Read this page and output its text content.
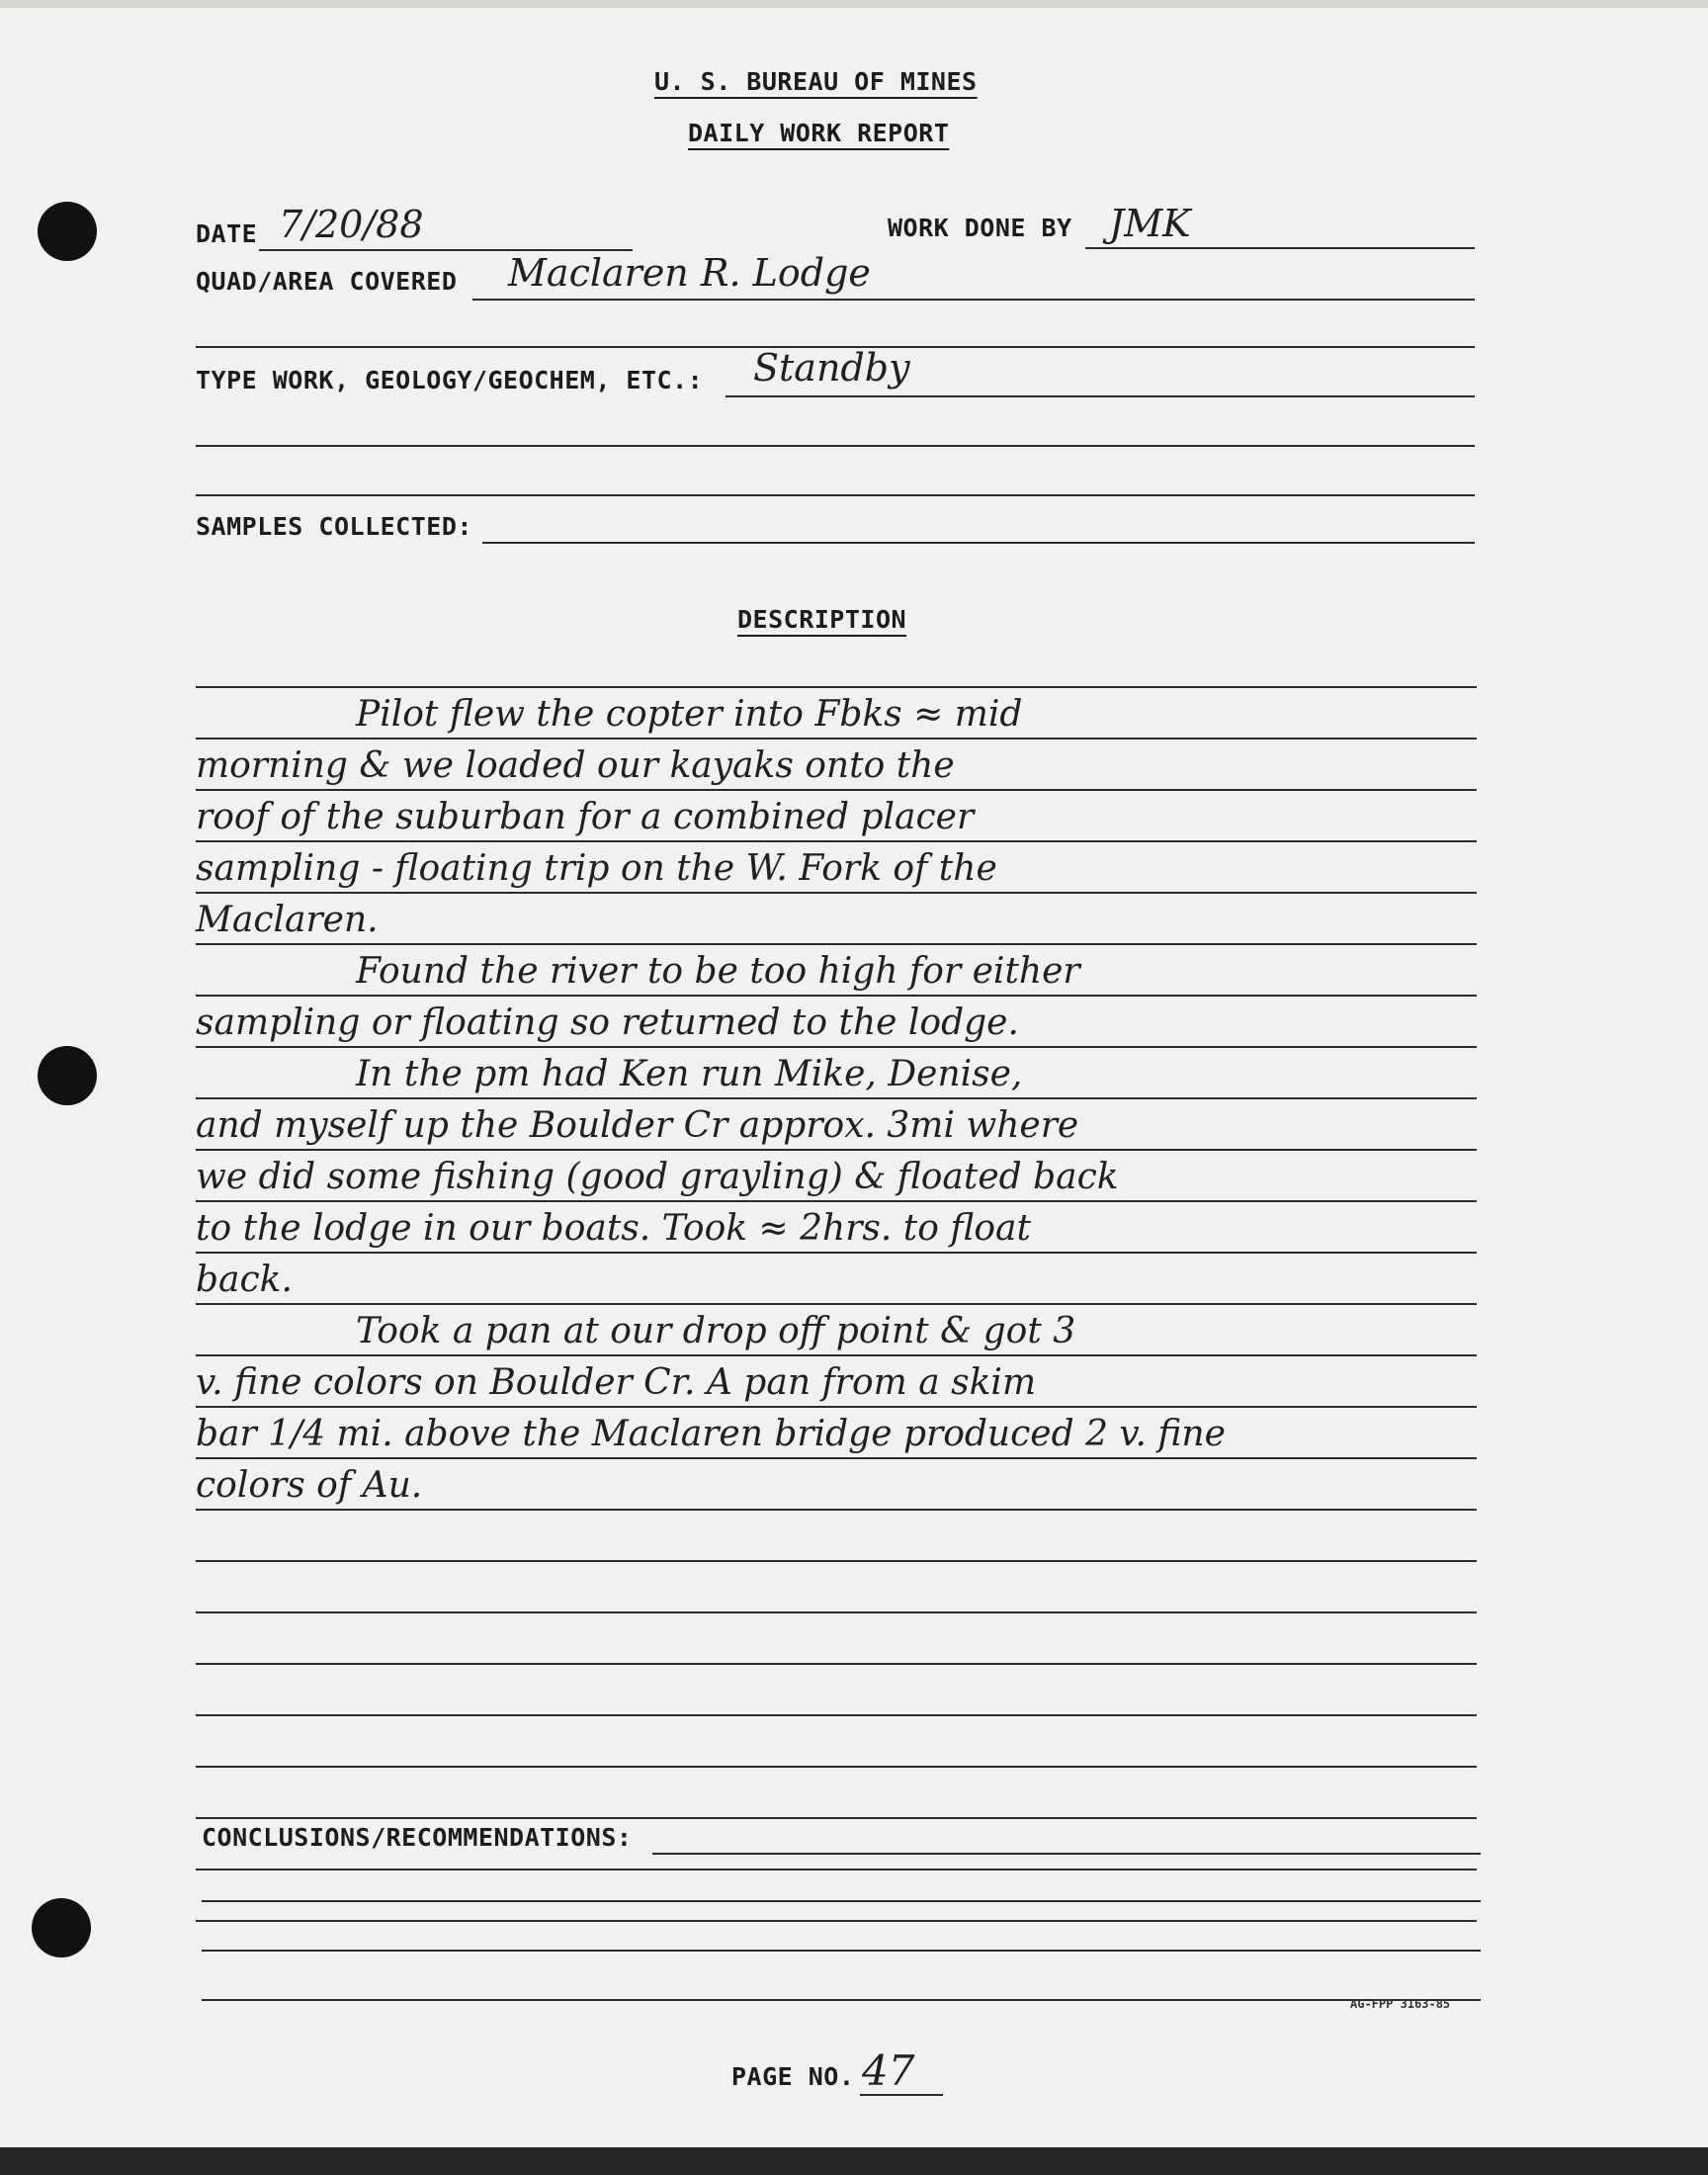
U. S. BUREAU OF MINES
DAILY WORK REPORT
DATE 7/20/88	WORK DONE BY JMK
QUAD/AREA COVERED Maclaren R. Lodge
TYPE WORK, GEOLOGY/GEOCHEM, ETC.: Standby
SAMPLES COLLECTED:
DESCRIPTION
Pilot flew the copter into Fbks ≈ mid
morning & we loaded our kayaks onto the
roof of the suburban for a combined placer
sampling - floating trip on the W. Fork of the
Maclaren.
Found the river to be too high for either
sampling or floating so returned to the lodge.
In the pm had Ken run Mike, Denise,
and myself up the Boulder Cr approx. 3mi where
we did some fishing (good grayling) & floated back
to the lodge in our boats. Took ≈ 2hrs. to float
back.
Took a pan at our drop off point & got 3
v. fine colors on Boulder Cr. A pan from a skim
bar 1/4 mi. above the Maclaren bridge produced 2 v. fine
colors of Au.
CONCLUSIONS/RECOMMENDATIONS:
AG-FPP 3163-85
PAGE NO. 47
